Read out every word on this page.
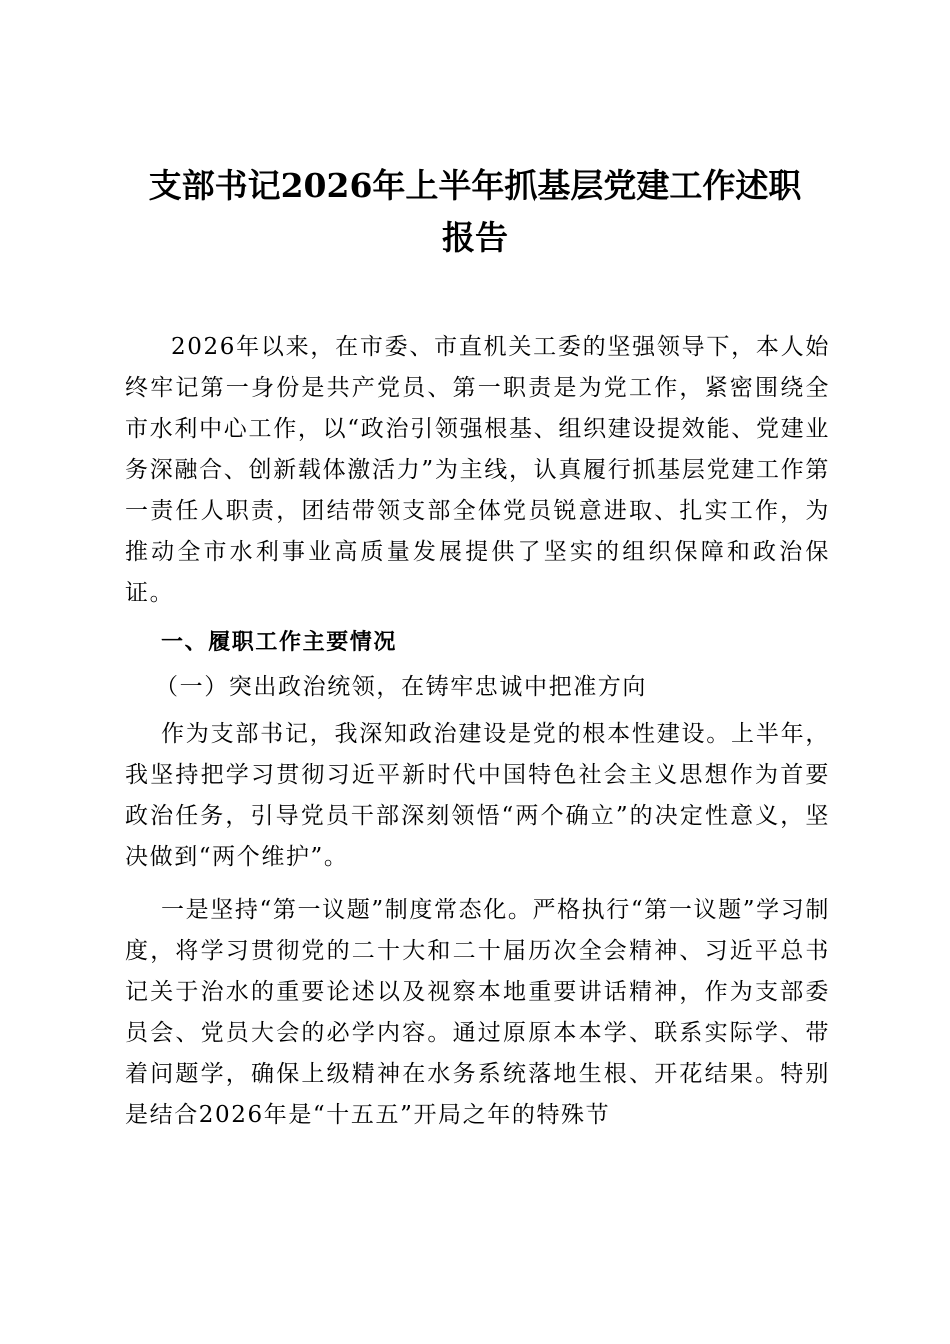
支部书记2026年上半年抓基层党建工作述职
报告

2026年以来，在市委、市直机关工委的坚强领导下，本人始终牢记第一身份是共产党员、第一职责是为党工作，紧密围绕全市水利中心工作，以“政治引领强根基、组织建设提效能、党建业务深融合、创新载体激活力”为主线，认真履行抓基层党建工作第一责任人职责，团结带领支部全体党员锐意进取、扎实工作，为推动全市水利事业高质量发展提供了坚实的组织保障和政治保证。

一、履职工作主要情况

（一）突出政治统领，在铸牢忠诚中把准方向

作为支部书记，我深知政治建设是党的根本性建设。上半年，我坚持把学习贯彻习近平新时代中国特色社会主义思想作为首要政治任务，引导党员干部深刻领悟“两个确立”的决定性意义，坚决做到“两个维护”。

一是坚持“第一议题”制度常态化。严格执行“第一议题”学习制度，将学习贯彻党的二十大和二十届历次全会精神、习近平总书记关于治水的重要论述以及视察本地重要讲话精神，作为支部委员会、党员大会的必学内容。通过原原本本学、联系实际学、带着问题学，确保上级精神在水务系统落地生根、开花结果。特别是结合2026年是“十五五”开局之年的特殊节
